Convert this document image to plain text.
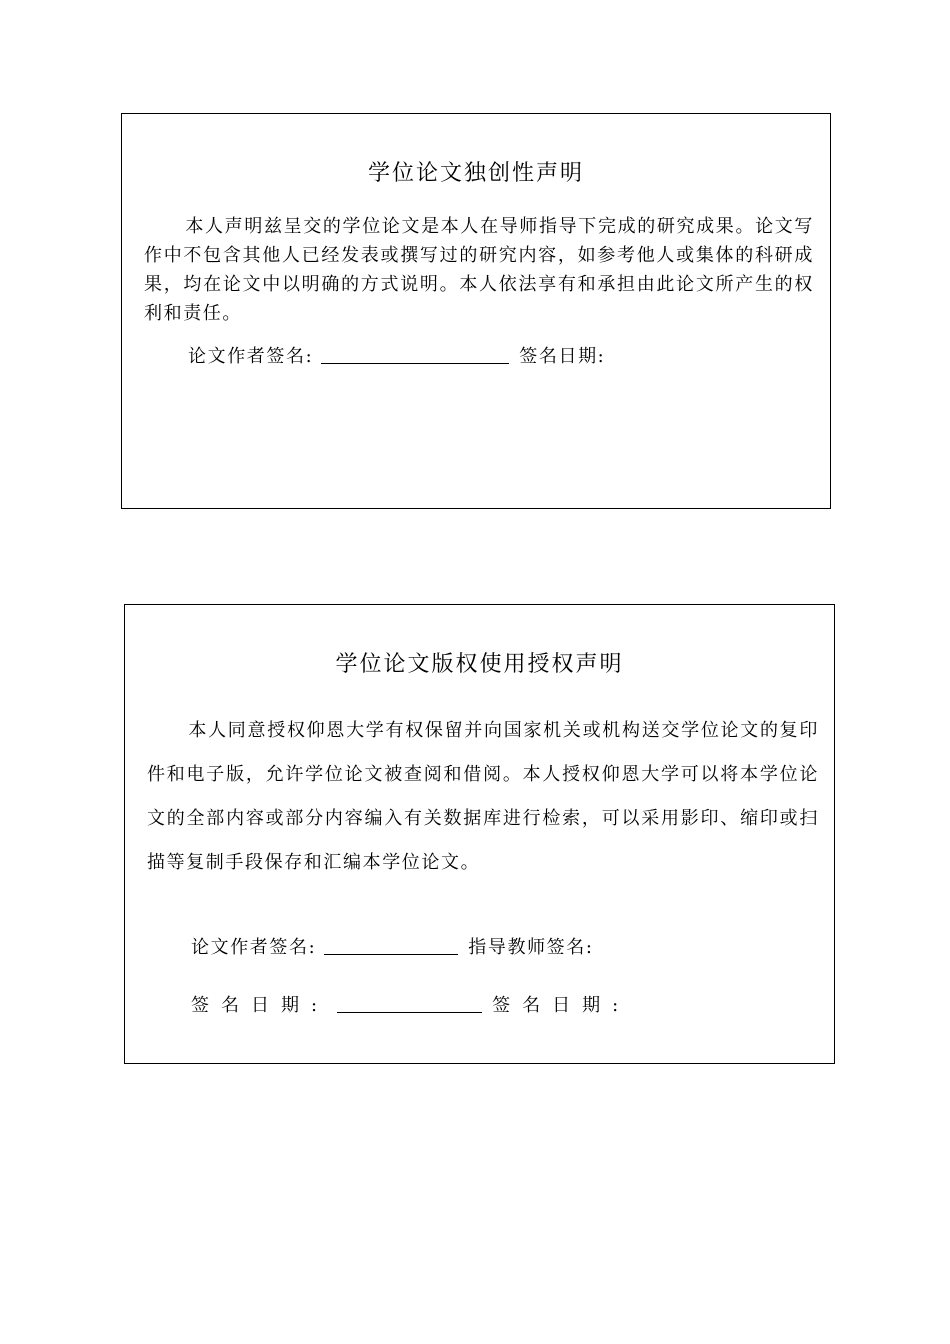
学位论文独创性声明

本人声明兹呈交的学位论文是本人在导师指导下完成的研究成果。论文写作中不包含其他人已经发表或撰写过的研究内容，如参考他人或集体的科研成果，均在论文中以明确的方式说明。本人依法享有和承担由此论文所产生的权利和责任。

论文作者签名:	签名日期:
学位论文版权使用授权声明

本人同意授权仰恩大学有权保留并向国家机关或机构送交学位论文的复印件和电子版，允许学位论文被查阅和借阅。本人授权仰恩大学可以将本学位论文的全部内容或部分内容编入有关数据库进行检索，可以采用影印、缩印或扫描等复制手段保存和汇编本学位论文。

论文作者签名:	指导教师签名:
签名日期:	签名日期:
